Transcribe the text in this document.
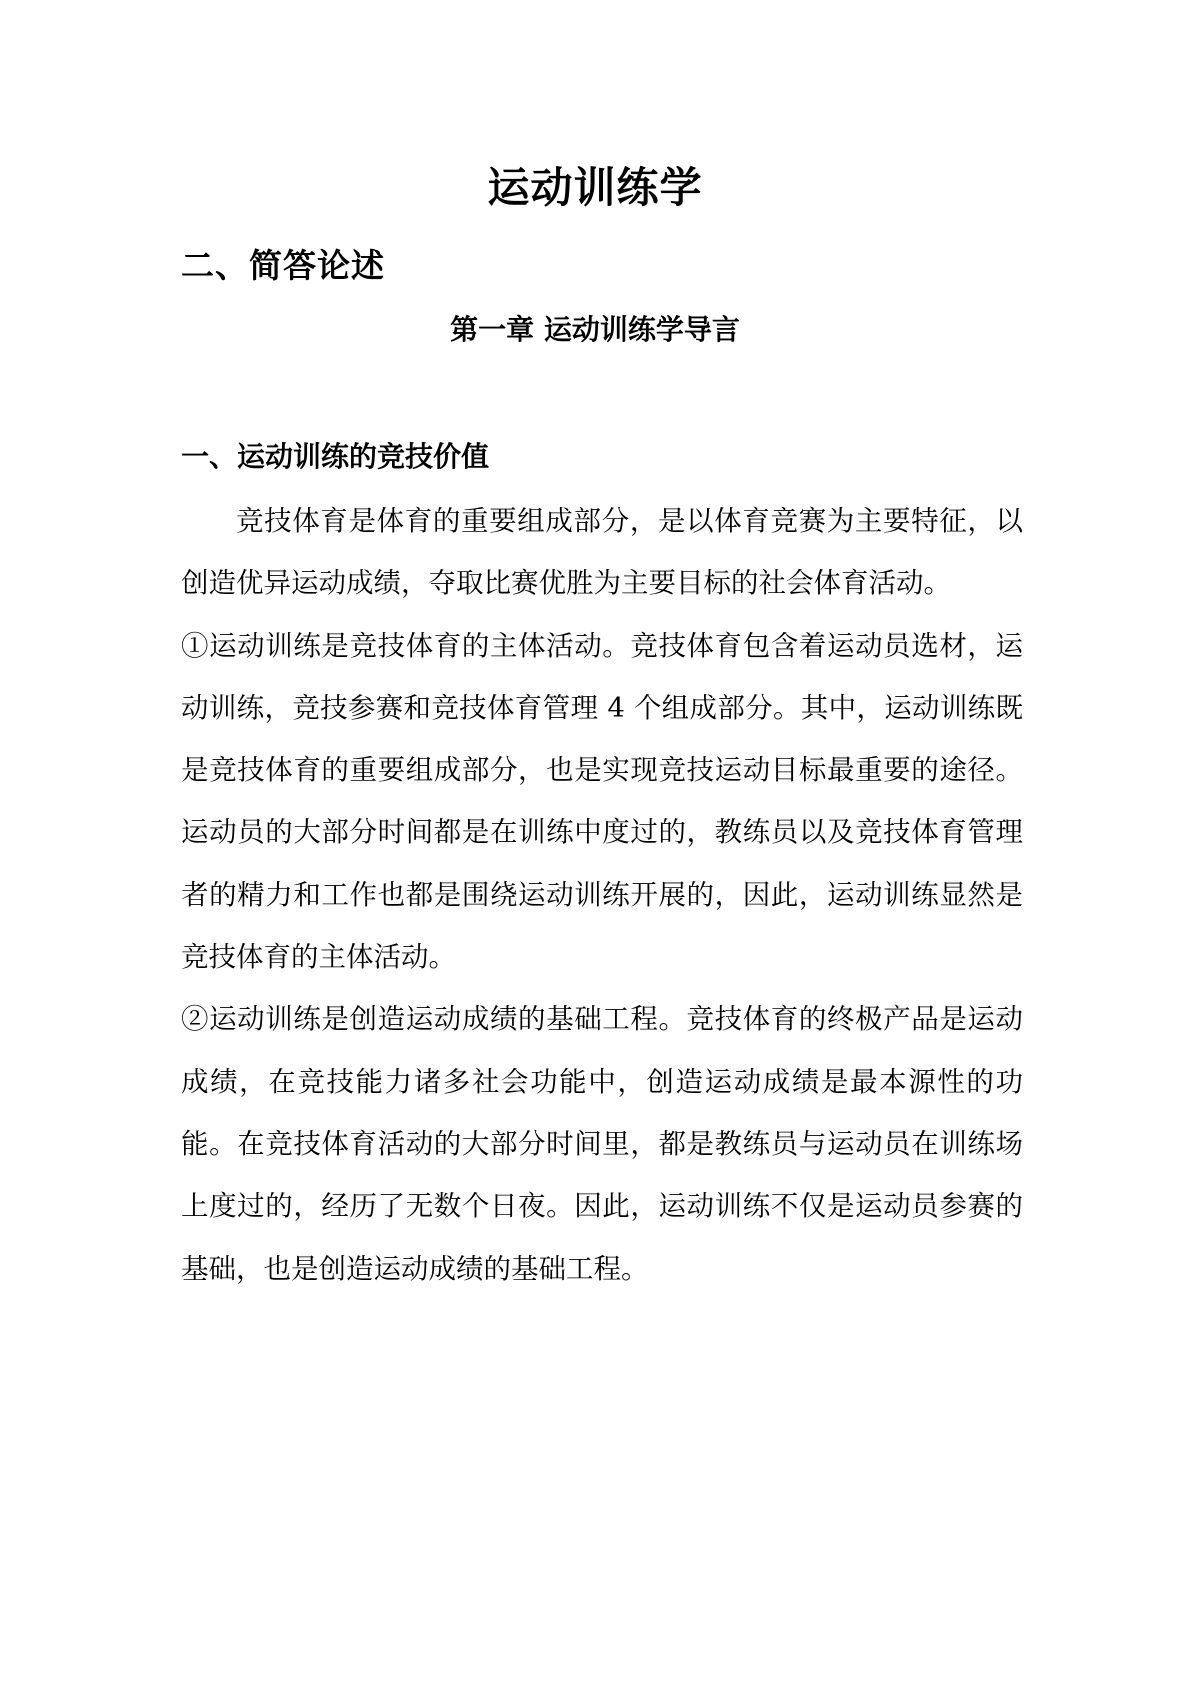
运动训练学
二、简答论述
第一章 运动训练学导言
一、运动训练的竞技价值

竞技体育是体育的重要组成部分，是以体育竞赛为主要特征，以创造优异运动成绩，夺取比赛优胜为主要目标的社会体育活动。

①运动训练是竞技体育的主体活动。竞技体育包含着运动员选材，运动训练，竞技参赛和竞技体育管理 4 个组成部分。其中，运动训练既是竞技体育的重要组成部分，也是实现竞技运动目标最重要的途径。运动员的大部分时间都是在训练中度过的，教练员以及竞技体育管理者的精力和工作也都是围绕运动训练开展的，因此，运动训练显然是竞技体育的主体活动。

②运动训练是创造运动成绩的基础工程。竞技体育的终极产品是运动成绩，在竞技能力诸多社会功能中，创造运动成绩是最本源性的功能。在竞技体育活动的大部分时间里，都是教练员与运动员在训练场上度过的，经历了无数个日夜。因此，运动训练不仅是运动员参赛的基础，也是创造运动成绩的基础工程。
